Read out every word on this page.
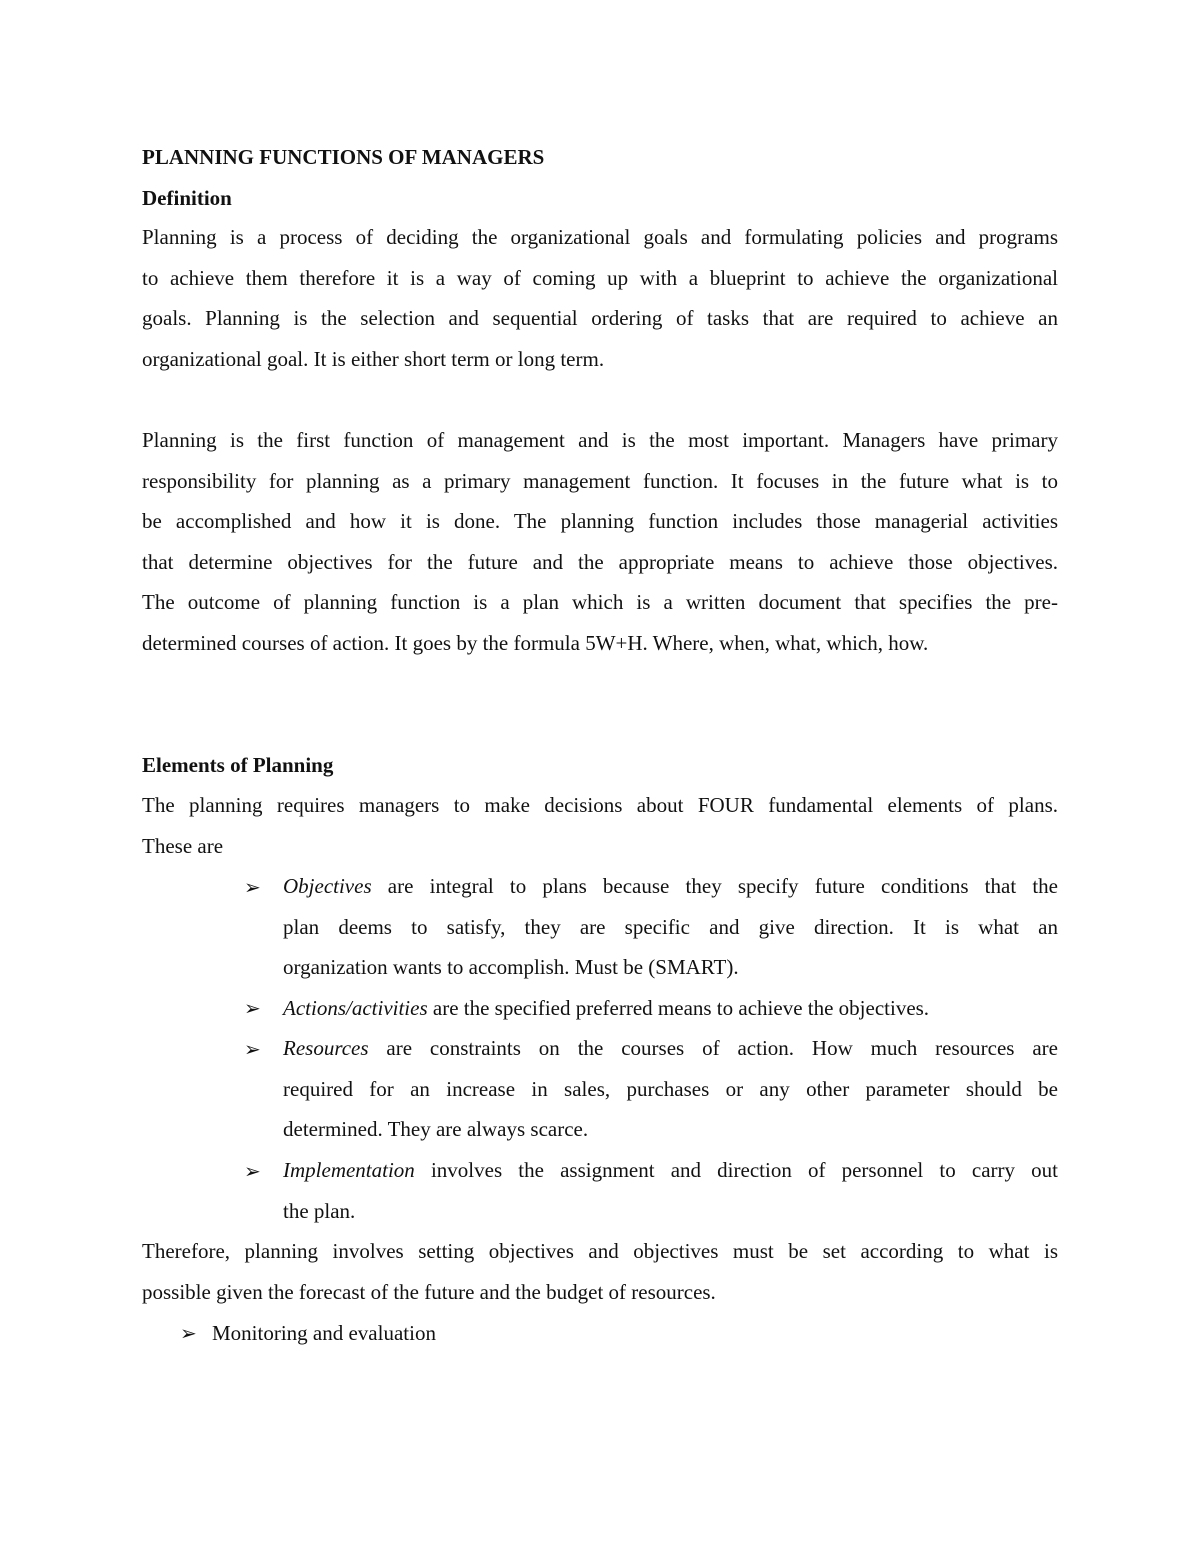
PLANNING FUNCTIONS OF MANAGERS

Definition

Planning is a process of deciding the organizational goals and formulating policies and programs
to achieve them therefore it is a way of coming up with a blueprint to achieve the organizational
goals. Planning is the selection and sequential ordering of tasks that are required to achieve an
organizational goal. It is either short term or long term.
Planning is the first function of management and is the most important. Managers have primary
responsibility for planning as a primary management function. It focuses in the future what is to
be accomplished and how it is done. The planning function includes those managerial activities
that determine objectives for the future and the appropriate means to achieve those objectives.
The outcome of planning function is a plan which is a written document that specifies the pre-
determined courses of action. It goes by the formula 5W+H. Where, when, what, which, how.

Elements of Planning

The planning requires managers to make decisions about FOUR fundamental elements of plans.
These are
➢ Objectives are integral to plans because they specify future conditions that the
plan deems to satisfy, they are specific and give direction. It is what an
organization wants to accomplish. Must be (SMART).
➢ Actions/activities are the specified preferred means to achieve the objectives.
➢ Resources are constraints on the courses of action. How much resources are
required for an increase in sales, purchases or any other parameter should be
determined. They are always scarce.
➢ Implementation involves the assignment and direction of personnel to carry out
the plan.
Therefore, planning involves setting objectives and objectives must be set according to what is
possible given the forecast of the future and the budget of resources.
➢ Monitoring and evaluation
